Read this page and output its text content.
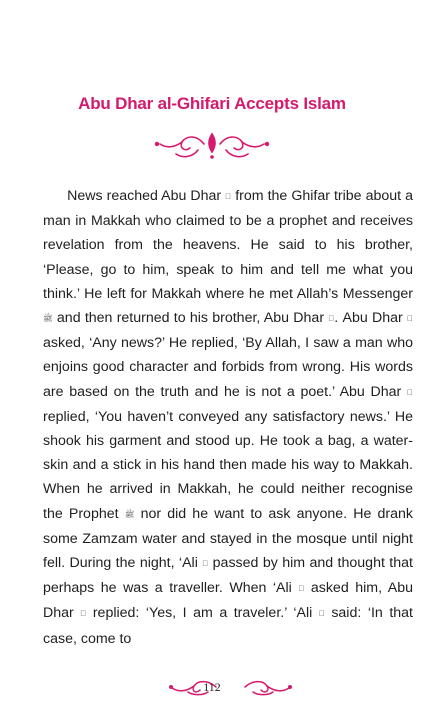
Abu Dhar al-Ghifari Accepts Islam

News reached Abu Dhar ﷜ from the Ghifar tribe about a man in Makkah who claimed to be a prophet and receives revelation from the heavens. He said to his brother, ‘Please, go to him, speak to him and tell me what you think.’ He left for Makkah where he met Allah’s Messenger ﷺ and then returned to his brother, Abu Dhar ﷜. Abu Dhar ﷜ asked, ‘Any news?’ He replied, ‘By Allah, I saw a man who enjoins good character and forbids from wrong. His words are based on the truth and he is not a poet.’ Abu Dhar ﷜ replied, ‘You haven’t conveyed any satisfactory news.’ He shook his garment and stood up. He took a bag, a water-skin and a stick in his hand then made his way to Makkah. When he arrived in Makkah, he could neither recognise the Prophet ﷺ nor did he want to ask anyone. He drank some Zamzam water and stayed in the mosque until night fell. During the night, ‘Ali ﷜ passed by him and thought that perhaps he was a traveller. When ‘Ali ﷜ asked him, Abu Dhar ﷜ replied: ‘Yes, I am a traveler.’ ‘Ali ﷜ said: ‘In that case, come to

112
